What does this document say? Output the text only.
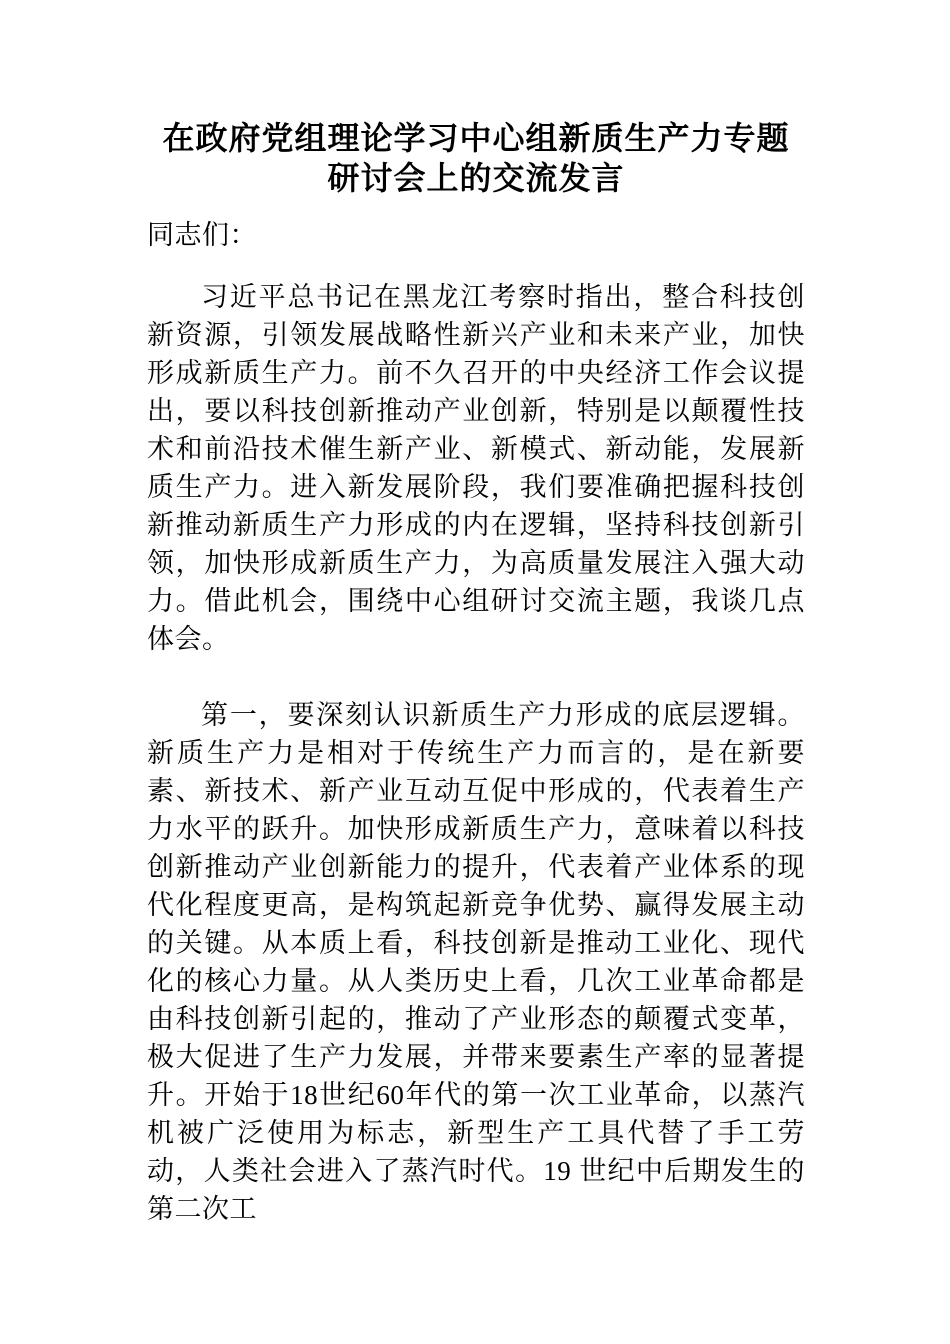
在政府党组理论学习中心组新质生产力专题
研讨会上的交流发言

同志们：

习近平总书记在黑龙江考察时指出，整合科技创新资源，引领发展战略性新兴产业和未来产业，加快形成新质生产力。前不久召开的中央经济工作会议提出，要以科技创新推动产业创新，特别是以颠覆性技术和前沿技术催生新产业、新模式、新动能，发展新质生产力。进入新发展阶段，我们要准确把握科技创新推动新质生产力形成的内在逻辑，坚持科技创新引领，加快形成新质生产力，为高质量发展注入强大动力。借此机会，围绕中心组研讨交流主题，我谈几点体会。

第一，要深刻认识新质生产力形成的底层逻辑。新质生产力是相对于传统生产力而言的，是在新要素、新技术、新产业互动互促中形成的，代表着生产力水平的跃升。加快形成新质生产力，意味着以科技创新推动产业创新能力的提升，代表着产业体系的现代化程度更高，是构筑起新竞争优势、赢得发展主动的关键。从本质上看，科技创新是推动工业化、现代化的核心力量。从人类历史上看，几次工业革命都是由科技创新引起的，推动了产业形态的颠覆式变革，极大促进了生产力发展，并带来要素生产率的显著提升。开始于18世纪60年代的第一次工业革命，以蒸汽机被广泛使用为标志，新型生产工具代替了手工劳动，人类社会进入了蒸汽时代。19 世纪中后期发生的第二次工
